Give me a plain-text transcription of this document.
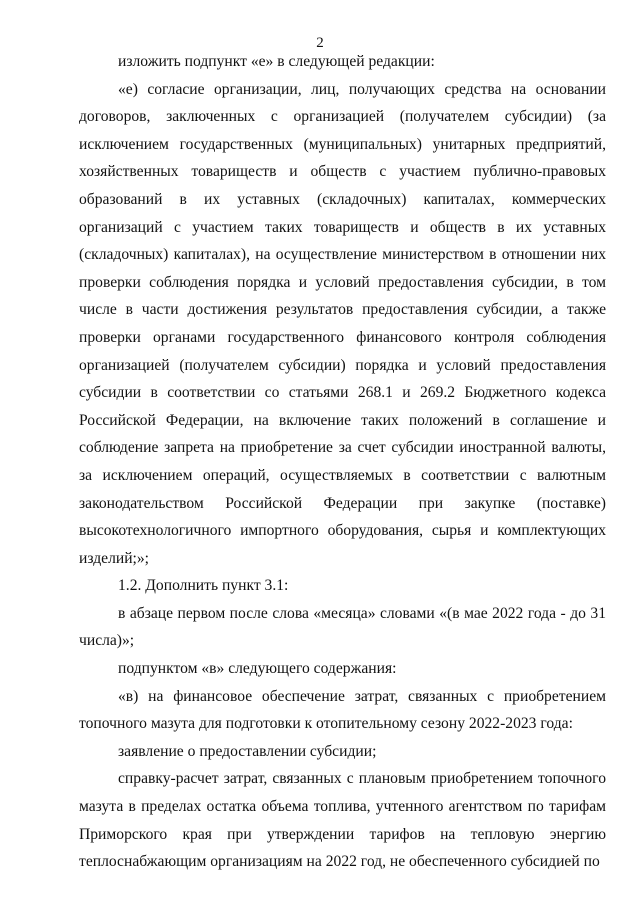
2

изложить подпункт «е» в следующей редакции:

«е) согласие организации, лиц, получающих средства на основании договоров, заключенных с организацией (получателем субсидии) (за исключением государственных (муниципальных) унитарных предприятий, хозяйственных товариществ и обществ с участием публично-правовых образований в их уставных (складочных) капиталах, коммерческих организаций с участием таких товариществ и обществ в их уставных (складочных) капиталах), на осуществление министерством в отношении них проверки соблюдения порядка и условий предоставления субсидии, в том числе в части достижения результатов предоставления субсидии, а также проверки органами государственного финансового контроля соблюдения организацией (получателем субсидии) порядка и условий предоставления субсидии в соответствии со статьями 268.1 и 269.2 Бюджетного кодекса Российской Федерации, на включение таких положений в соглашение и соблюдение запрета на приобретение за счет субсидии иностранной валюты, за исключением операций, осуществляемых в соответствии с валютным законодательством Российской Федерации при закупке (поставке) высокотехнологичного импортного оборудования, сырья и комплектующих изделий;»;

1.2. Дополнить пункт 3.1:

в абзаце первом после слова «месяца» словами «(в мае 2022 года - до 31 числа)»;

подпунктом «в» следующего содержания:

«в) на финансовое обеспечение затрат, связанных с приобретением топочного мазута для подготовки к отопительному сезону 2022-2023 года:

заявление о предоставлении субсидии;

справку-расчет затрат, связанных с плановым приобретением топочного мазута в пределах остатка объема топлива, учтенного агентством по тарифам Приморского края при утверждении тарифов на тепловую энергию теплоснабжающим организациям на 2022 год, не обеспеченного субсидией по
